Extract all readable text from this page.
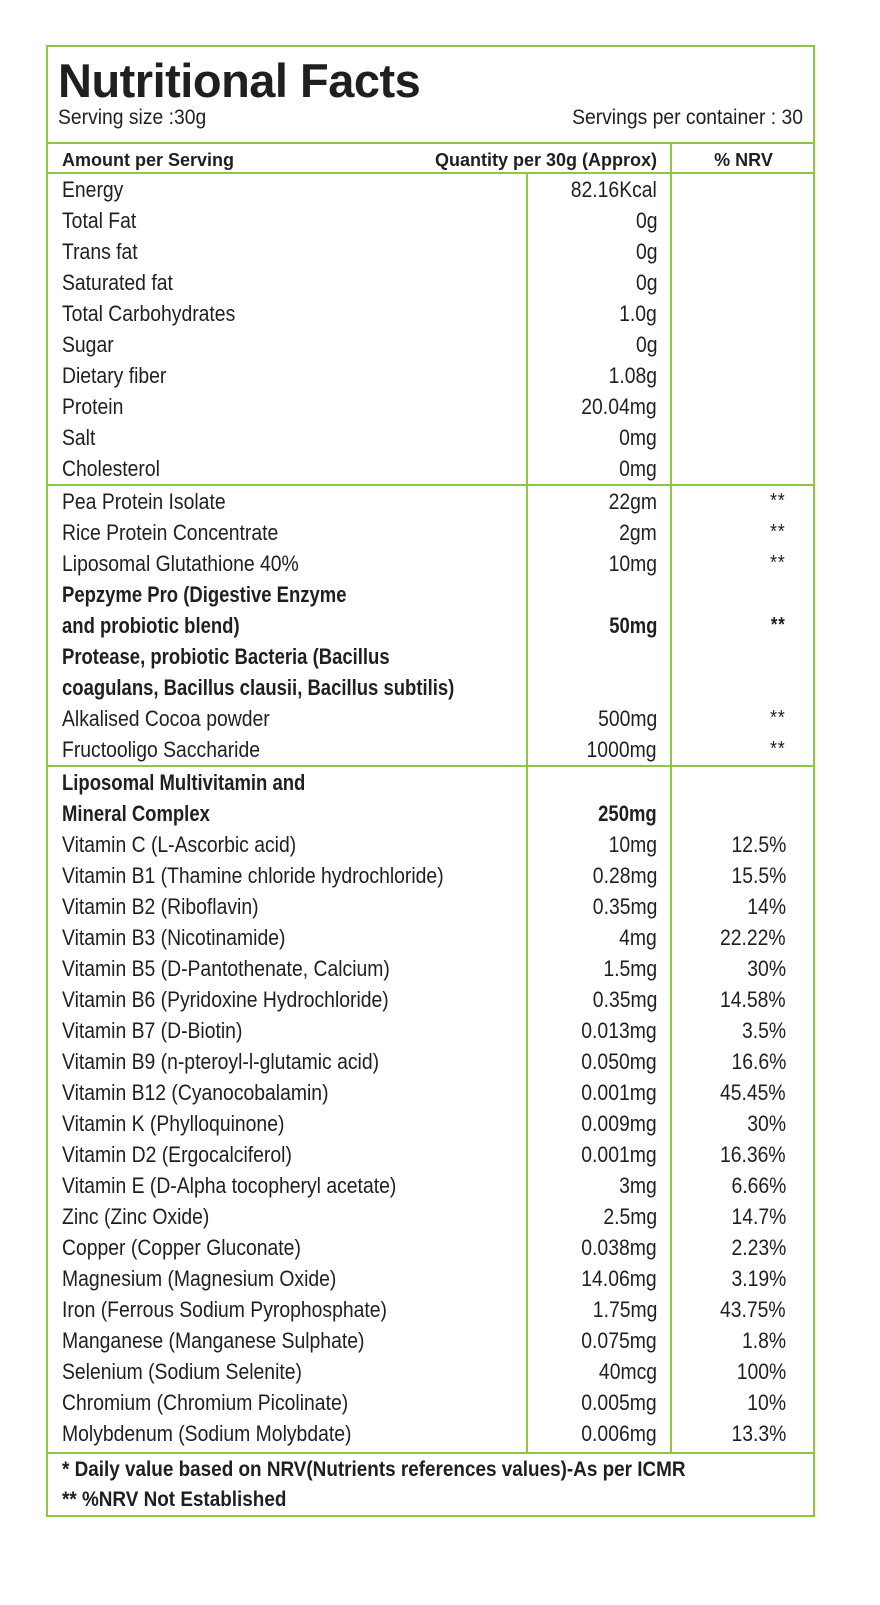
Nutritional Facts
Serving size :30g	Servings per container : 30
Amount per Serving	Quantity per 30g (Approx)	% NRV
Energy	82.16Kcal
Total Fat	0g
Trans fat	0g
Saturated fat	0g
Total Carbohydrates	1.0g
Sugar	0g
Dietary fiber	1.08g
Protein	20.04mg
Salt	0mg
Cholesterol	0mg
Pea Protein Isolate	22gm	**
Rice Protein Concentrate	2gm	**
Liposomal Glutathione 40%	10mg	**
Pepzyme Pro (Digestive Enzyme
and probiotic blend)	50mg	**
Protease, probiotic Bacteria (Bacillus
coagulans, Bacillus clausii, Bacillus subtilis)
Alkalised Cocoa powder	500mg	**
Fructooligo Saccharide	1000mg	**
Liposomal Multivitamin and
Mineral Complex	250mg
Vitamin C (L-Ascorbic acid)	10mg	12.5%
Vitamin B1 (Thamine chloride hydrochloride)	0.28mg	15.5%
Vitamin B2 (Riboflavin)	0.35mg	14%
Vitamin B3 (Nicotinamide)	4mg	22.22%
Vitamin B5 (D-Pantothenate, Calcium)	1.5mg	30%
Vitamin B6 (Pyridoxine Hydrochloride)	0.35mg	14.58%
Vitamin B7 (D-Biotin)	0.013mg	3.5%
Vitamin B9 (n-pteroyl-l-glutamic acid)	0.050mg	16.6%
Vitamin B12 (Cyanocobalamin)	0.001mg	45.45%
Vitamin K (Phylloquinone)	0.009mg	30%
Vitamin D2 (Ergocalciferol)	0.001mg	16.36%
Vitamin E (D-Alpha tocopheryl acetate)	3mg	6.66%
Zinc (Zinc Oxide)	2.5mg	14.7%
Copper (Copper Gluconate)	0.038mg	2.23%
Magnesium (Magnesium Oxide)	14.06mg	3.19%
Iron (Ferrous Sodium Pyrophosphate)	1.75mg	43.75%
Manganese (Manganese Sulphate)	0.075mg	1.8%
Selenium (Sodium Selenite)	40mcg	100%
Chromium (Chromium Picolinate)	0.005mg	10%
Molybdenum (Sodium Molybdate)	0.006mg	13.3%
* Daily value based on NRV(Nutrients references values)-As per ICMR
** %NRV Not Established
